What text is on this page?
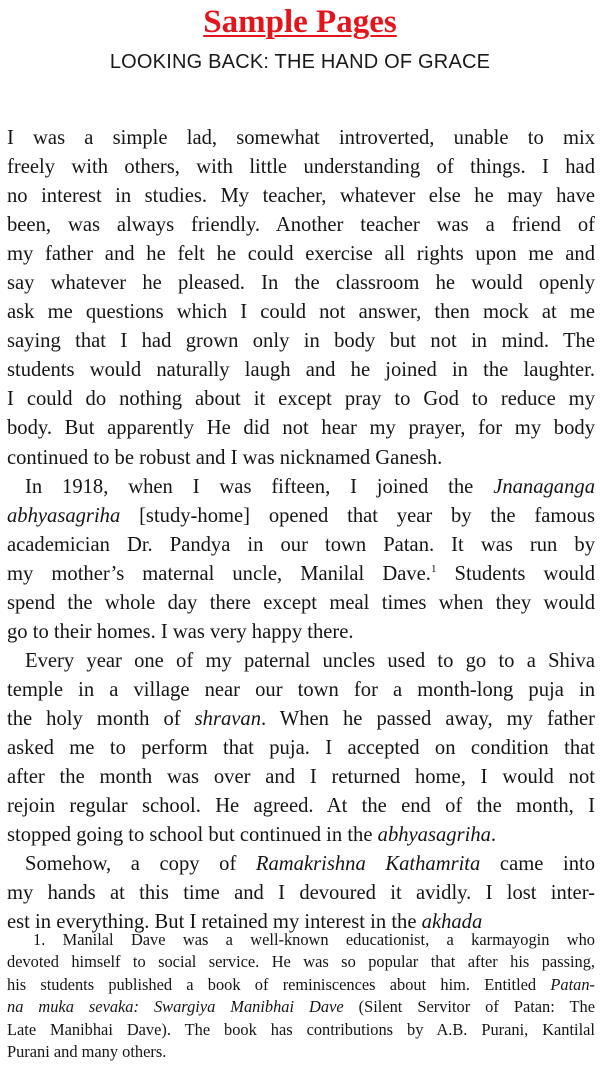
Sample Pages
LOOKING BACK: THE HAND OF GRACE
I was a simple lad, somewhat introverted, unable to mix
freely with others, with little understanding of things. I had
no interest in studies. My teacher, whatever else he may have
been, was always friendly. Another teacher was a friend of
my father and he felt he could exercise all rights upon me and
say whatever he pleased. In the classroom he would openly
ask me questions which I could not answer, then mock at me
saying that I had grown only in body but not in mind. The
students would naturally laugh and he joined in the laughter.
I could do nothing about it except pray to God to reduce my
body. But apparently He did not hear my prayer, for my body
continued to be robust and I was nicknamed Ganesh.
In 1918, when I was fifteen, I joined the Jnanaganga
abhyasagriha [study-home] opened that year by the famous
academician Dr. Pandya in our town Patan. It was run by
my mother’s maternal uncle, Manilal Dave.$^1$ Students would
spend the whole day there except meal times when they would
go to their homes. I was very happy there.
Every year one of my paternal uncles used to go to a Shiva
temple in a village near our town for a month-long puja in
the holy month of shravan. When he passed away, my father
asked me to perform that puja. I accepted on condition that
after the month was over and I returned home, I would not
rejoin regular school. He agreed. At the end of the month, I
stopped going to school but continued in the abhyasagriha.
Somehow, a copy of Ramakrishna Kathamrita came into
my hands at this time and I devoured it avidly. I lost inter-
est in everything. But I retained my interest in the akhada
1. Manilal Dave was a well-known educationist, a karmayogin who
devoted himself to social service. He was so popular that after his passing,
his students published a book of reminiscences about him. Entitled Patan-
na muka sevaka: Swargiya Manibhai Dave (Silent Servitor of Patan: The
Late Manibhai Dave). The book has contributions by A.B. Purani, Kantilal
Purani and many others.
